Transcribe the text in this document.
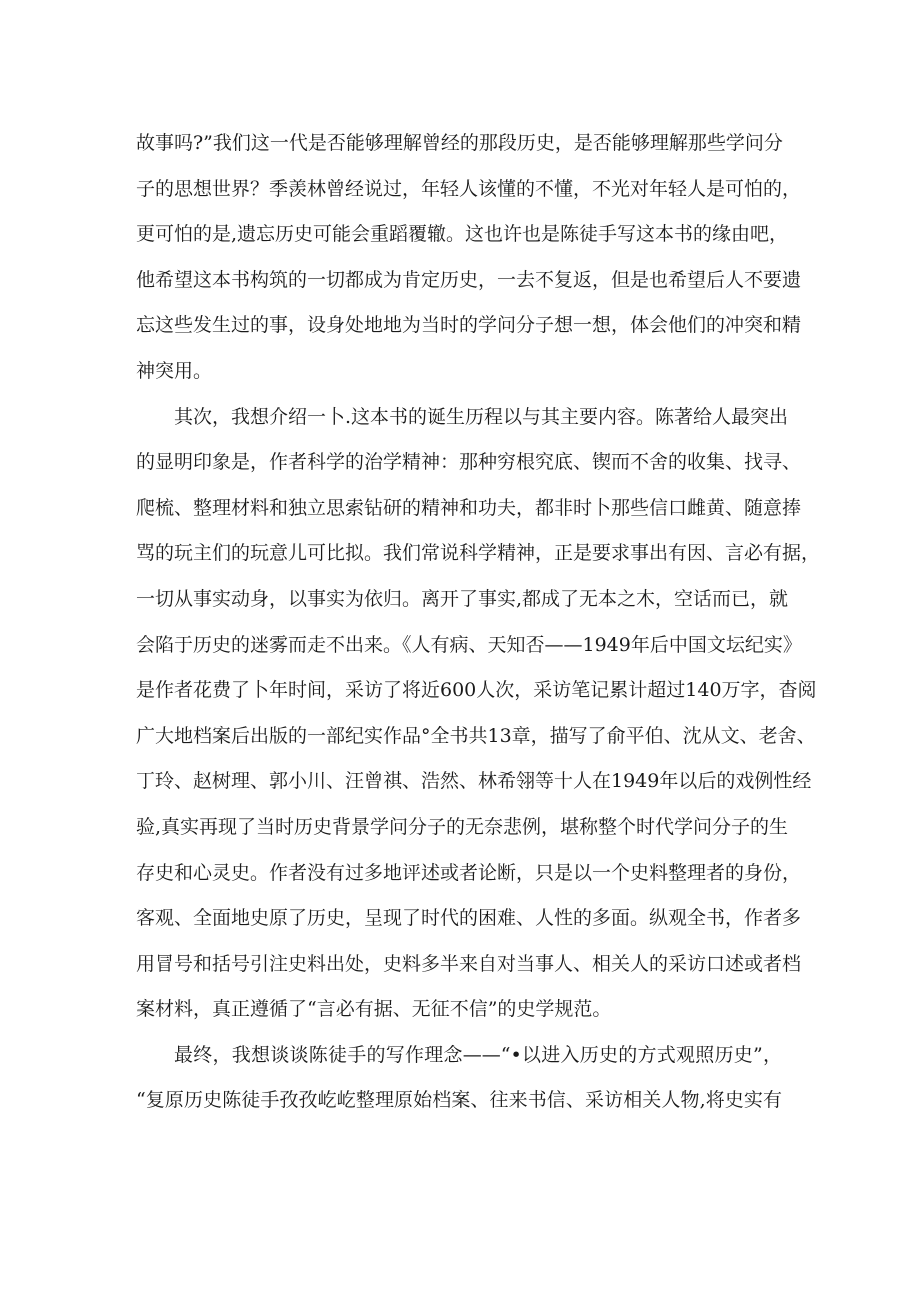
故事吗?”我们这一代是否能够理解曾经的那段历史，是否能够理解那些学问分
子的思想世界？季羡林曾经说过，年轻人该懂的不懂，不光对年轻人是可怕的，
更可怕的是,遗忘历史可能会重蹈覆辙。这也许也是陈徒手写这本书的缘由吧，
他希望这本书构筑的一切都成为肯定历史，一去不复返，但是也希望后人不要遗
忘这些发生过的事，设身处地地为当时的学问分子想一想，体会他们的冲突和精
神突用。
其次，我想介绍一卜.这本书的诞生历程以与其主要内容。陈著给人最突出
的显明印象是，作者科学的治学精神：那种穷根究底、锲而不舍的收集、找寻、
爬梳、整理材料和独立思索钻研的精神和功夫，都非时卜那些信口雌黄、随意捧
骂的玩主们的玩意儿可比拟。我们常说科学精神，正是要求事出有因、言必有据，
一切从事实动身，以事实为依归。离开了事实,都成了无本之木，空话而已，就
会陷于历史的迷雾而走不出来。《人有病、天知否——1949年后中国文坛纪实》
是作者花费了卜年时间，采访了将近600人次，采访笔记累计超过140万字，杳阅
广大地档案后出版的一部纪实作品°全书共13章，描写了俞平伯、沈从文、老舍、
丁玲、赵树理、郭小川、汪曾祺、浩然、林希翎等十人在1949年以后的戏例性经
验,真实再现了当时历史背景学问分子的无奈悲例，堪称整个时代学问分子的生
存史和心灵史。作者没有过多地评述或者论断，只是以一个史料整理者的身份，
客观、全面地史原了历史，呈现了时代的困难、人性的多面。纵观全书，作者多
用冒号和括号引注史料出处，史料多半来自对当事人、相关人的采访口述或者档
案材料，真正遵循了“言必有据、无征不信”的史学规范。
最终，我想谈谈陈徒手的写作理念——“•以进入历史的方式观照历史”，
“复原历史陈徒手孜孜屹屹整理原始档案、往来书信、采访相关人物,将史实有
